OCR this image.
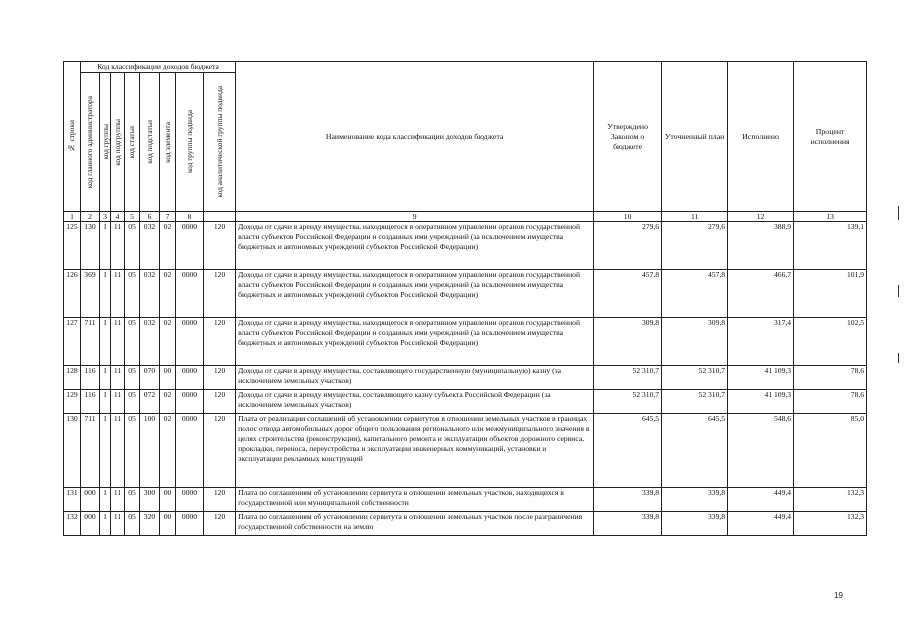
№ строки	Код классификации доходов бюджета								Наименование кода классификации доходов бюджета	Утверждено Законом о бюджете	Уточненный план	Исполнено	Процент исполнения

	код главного администратора	код группы	код подгруппы	код статьи	код подстатьи	код элемента	код группы подвида	код аналитической группы подвида					

1	2	3	4	5	6	7	8		9	10	11	12	13
125	130	1	11	05	032	02	0000	120	Доходы от сдачи в аренду имущества, находящегося в оперативном управлении органов государственной власти субъектов Российской Федерации и созданных ими учреждений (за исключением имущества бюджетных и автономных учреждений субъектов Российской Федерации)	279,6	279,6	388,9	139,1
126	369	1	11	05	032	02	0000	120	Доходы от сдачи в аренду имущества, находящегося в оперативном управлении органов государственной власти субъектов Российской Федерации и созданных ими учреждений (за исключением имущества бюджетных и автономных учреждений субъектов Российской Федерации)	457,8	457,8	466,7	101,9
127	711	1	11	05	032	02	0000	120	Доходы от сдачи в аренду имущества, находящегося в оперативном управлении органов государственной власти субъектов Российской Федерации и созданных ими учреждений (за исключением имущества бюджетных и автономных учреждений субъектов Российской Федерации)	309,8	309,8	317,4	102,5
128	116	1	11	05	070	00	0000	120	Доходы от сдачи в аренду имущества, составляющего государственную (муниципальную) казну (за исключением земельных участков)	52 310,7	52 310,7	41 109,3	78,6
129	116	1	11	05	072	02	0000	120	Доходы от сдачи в аренду имущества, составляющего казну субъекта Российской Федерации (за исключением земельных участков)	52 310,7	52 310,7	41 109,3	78,6
130	711	1	11	05	100	02	0000	120	Плата от реализации соглашений об установлении сервитутов в отношении земельных участков в границах полос отвода автомобильных дорог общего пользования регионального или межмуниципального значения в целях строительства (реконструкции), капитального ремонта и эксплуатации объектов дорожного сервиса, прокладки, переноса, переустройства и эксплуатации инженерных коммуникаций, установки и эксплуатации рекламных конструкций	645,5	645,5	548,6	85,0
131	000	1	11	05	300	00	0000	120	Плата по соглашениям об установлении сервитута в отношении земельных участков, находящихся в государственной или муниципальной собственности	339,8	339,8	449,4	132,3
132	000	1	11	05	320	00	0000	120	Плата по соглашениям об установлении сервитута в отношении земельных участков после разграничения государственной собственности на землю	339,8	339,8	449,4	132,3
19
